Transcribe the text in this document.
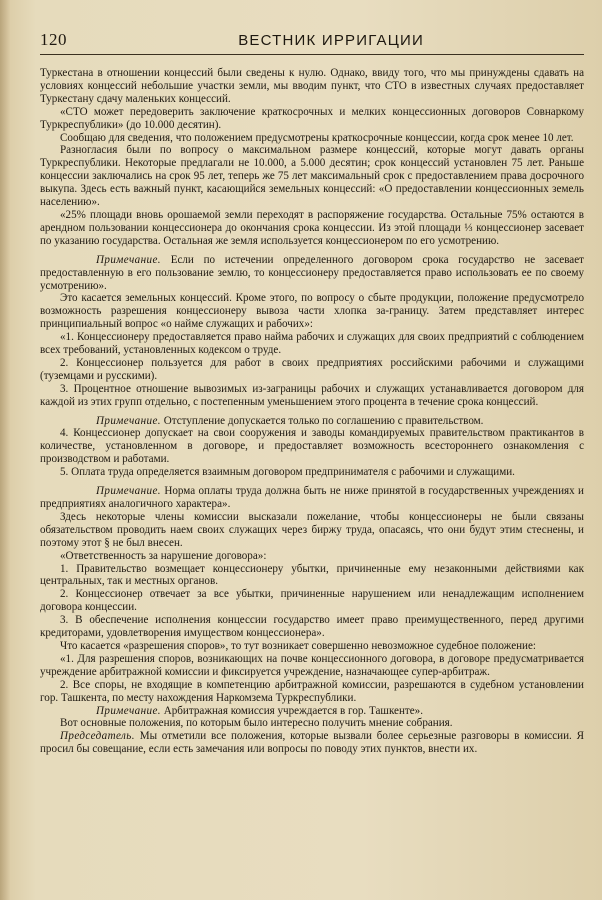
120	ВЕСТНИК ИРРИГАЦИИ

Туркестана в отношении концессий были сведены к нулю. Однако, ввиду того, что мы принуждены сдавать на условиях концессий небольшие участки земли, мы вводим пункт, что СТО в известных случаях предоставляет Туркестану сдачу маленьких концессий.

«СТО может передоверить заключение краткосрочных и мелких концессионных договоров Совнаркому Туркреспублики» (до 10.000 десятин).

Сообщаю для сведения, что положением предусмотрены краткосрочные концессии, когда срок менее 10 лет.

Разногласия были по вопросу о максимальном размере концессий, которые могут давать органы Туркреспублики. Некоторые предлагали не 10.000, а 5.000 десятин; срок концессий установлен 75 лет. Раньше концессии заключались на срок 95 лет, теперь же 75 лет максимальный срок с предоставлением права досрочного выкупа. Здесь есть важный пункт, касающийся земельных концессий: «О предоставлении концессионных земель населению».

«25% площади вновь орошаемой земли переходят в распоряжение государства. Остальные 75% остаются в арендном пользовании концессионера до окончания срока концессии. Из этой площади ⅓ концессионер засевает по указанию государства. Остальная же земля используется концессионером по его усмотрению.

Примечание. Если по истечении определенного договором срока государство не засевает предоставленную в его пользование землю, то концессионеру предоставляется право использовать ее по своему усмотрению».

Это касается земельных концессий. Кроме этого, по вопросу о сбыте продукции, положение предусмотрело возможность разрешения концессионеру вывоза части хлопка за-границу. Затем представляет интерес принципиальный вопрос «о найме служащих и рабочих»:

«1. Концессионеру предоставляется право найма рабочих и служащих для своих предприятий с соблюдением всех требований, установленных кодексом о труде.

2. Концессионер пользуется для работ в своих предприятиях российскими рабочими и служащими (туземцами и русскими).

3. Процентное отношение вывозимых из-заграницы рабочих и служащих устанавливается договором для каждой из этих групп отдельно, с постепенным уменьшением этого процента в течение срока концессий.

Примечание. Отступление допускается только по соглашению с правительством.

4. Концессионер допускает на свои сооружения и заводы командируемых правительством практикантов в количестве, установленном в договоре, и предоставляет возможность всестороннего ознакомления с производством и работами.

5. Оплата труда определяется взаимным договором предпринимателя с рабочими и служащими.

Примечание. Норма оплаты труда должна быть не ниже принятой в государственных учреждениях и предприятиях аналогичного характера».

Здесь некоторые члены комиссии высказали пожелание, чтобы концессионеры не были связаны обязательством проводить наем своих служащих через биржу труда, опасаясь, что они будут этим стеснены, и поэтому этот § не был внесен.

«Ответственность за нарушение договора»:

1. Правительство возмещает концессионеру убытки, причиненные ему незаконными действиями как центральных, так и местных органов.

2. Концессионер отвечает за все убытки, причиненные нарушением или ненадлежащим исполнением договора концессии.

3. В обеспечение исполнения концессии государство имеет право преимущественного, перед другими кредиторами, удовлетворения имуществом концессионера».

Что касается «разрешения споров», то тут возникает совершенно невозможное судебное положение:

«1. Для разрешения споров, возникающих на почве концессионного договора, в договоре предусматривается учреждение арбитражной комиссии и фиксируется учреждение, назначающее супер-арбитраж.

2. Все споры, не входящие в компетенцию арбитражной комиссии, разрешаются в судебном установлении гор. Ташкента, по месту нахождения Наркомзема Туркреспублики.

Примечание. Арбитражная комиссия учреждается в гор. Ташкенте».

Вот основные положения, по которым было интересно получить мнение собрания.

Председатель. Мы отметили все положения, которые вызвали более серьезные разговоры в комиссии. Я просил бы совещание, если есть замечания или вопросы по поводу этих пунктов, внести их.
